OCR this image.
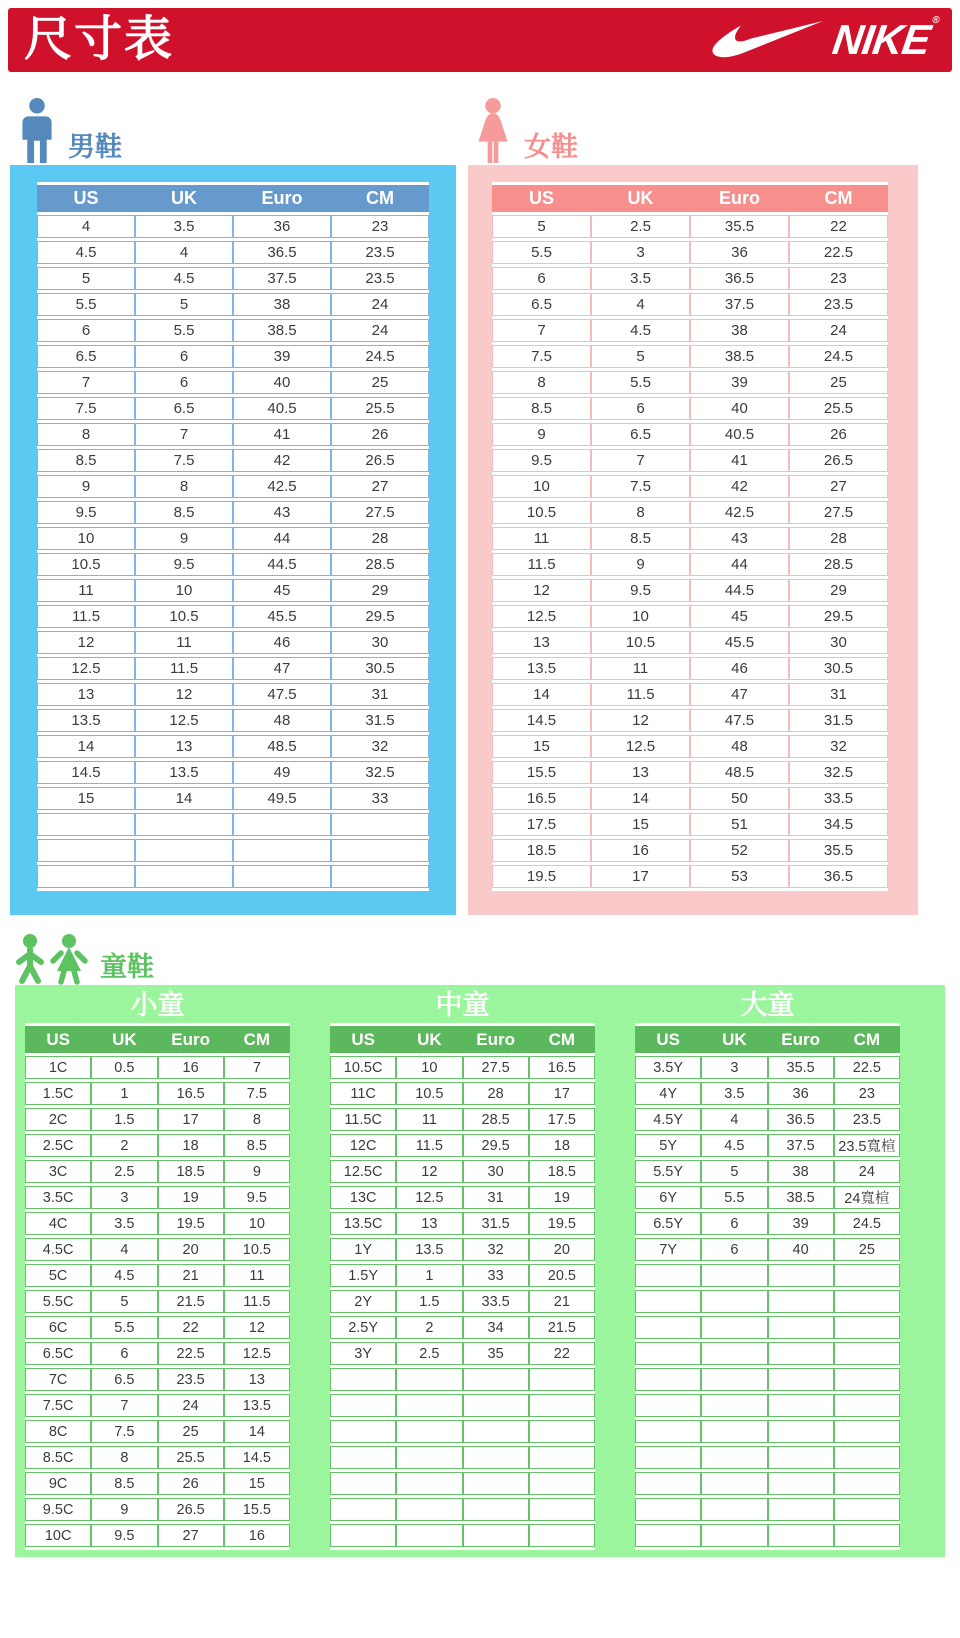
尺寸表	NIKE®
男鞋
US	UK	Euro	CM
4	3.5	36	23
4.5	4	36.5	23.5
5	4.5	37.5	23.5
5.5	5	38	24
6	5.5	38.5	24
6.5	6	39	24.5
7	6	40	25
7.5	6.5	40.5	25.5
8	7	41	26
8.5	7.5	42	26.5
9	8	42.5	27
9.5	8.5	43	27.5
10	9	44	28
10.5	9.5	44.5	28.5
11	10	45	29
11.5	10.5	45.5	29.5
12	11	46	30
12.5	11.5	47	30.5
13	12	47.5	31
13.5	12.5	48	31.5
14	13	48.5	32
14.5	13.5	49	32.5
15	14	49.5	33

女鞋
US	UK	Euro	CM
5	2.5	35.5	22
5.5	3	36	22.5
6	3.5	36.5	23
6.5	4	37.5	23.5
7	4.5	38	24
7.5	5	38.5	24.5
8	5.5	39	25
8.5	6	40	25.5
9	6.5	40.5	26
9.5	7	41	26.5
10	7.5	42	27
10.5	8	42.5	27.5
11	8.5	43	28
11.5	9	44	28.5
12	9.5	44.5	29
12.5	10	45	29.5
13	10.5	45.5	30
13.5	11	46	30.5
14	11.5	47	31
14.5	12	47.5	31.5
15	12.5	48	32
15.5	13	48.5	32.5
16.5	14	50	33.5
17.5	15	51	34.5
18.5	16	52	35.5
19.5	17	53	36.5
童鞋
小童
US	UK	Euro	CM
1C	0.5	16	7
1.5C	1	16.5	7.5
2C	1.5	17	8
2.5C	2	18	8.5
3C	2.5	18.5	9
3.5C	3	19	9.5
4C	3.5	19.5	10
4.5C	4	20	10.5
5C	4.5	21	11
5.5C	5	21.5	11.5
6C	5.5	22	12
6.5C	6	22.5	12.5
7C	6.5	23.5	13
7.5C	7	24	13.5
8C	7.5	25	14
8.5C	8	25.5	14.5
9C	8.5	26	15
9.5C	9	26.5	15.5
10C	9.5	27	16
中童
US	UK	Euro	CM
10.5C	10	27.5	16.5
11C	10.5	28	17
11.5C	11	28.5	17.5
12C	11.5	29.5	18
12.5C	12	30	18.5
13C	12.5	31	19
13.5C	13	31.5	19.5
1Y	13.5	32	20
1.5Y	1	33	20.5
2Y	1.5	33.5	21
2.5Y	2	34	21.5
3Y	2.5	35	22

大童
US	UK	Euro	CM
3.5Y	3	35.5	22.5
4Y	3.5	36	23
4.5Y	4	36.5	23.5
5Y	4.5	37.5	23.5寬楦
5.5Y	5	38	24
6Y	5.5	38.5	24寬楦
6.5Y	6	39	24.5
7Y	6	40	25
